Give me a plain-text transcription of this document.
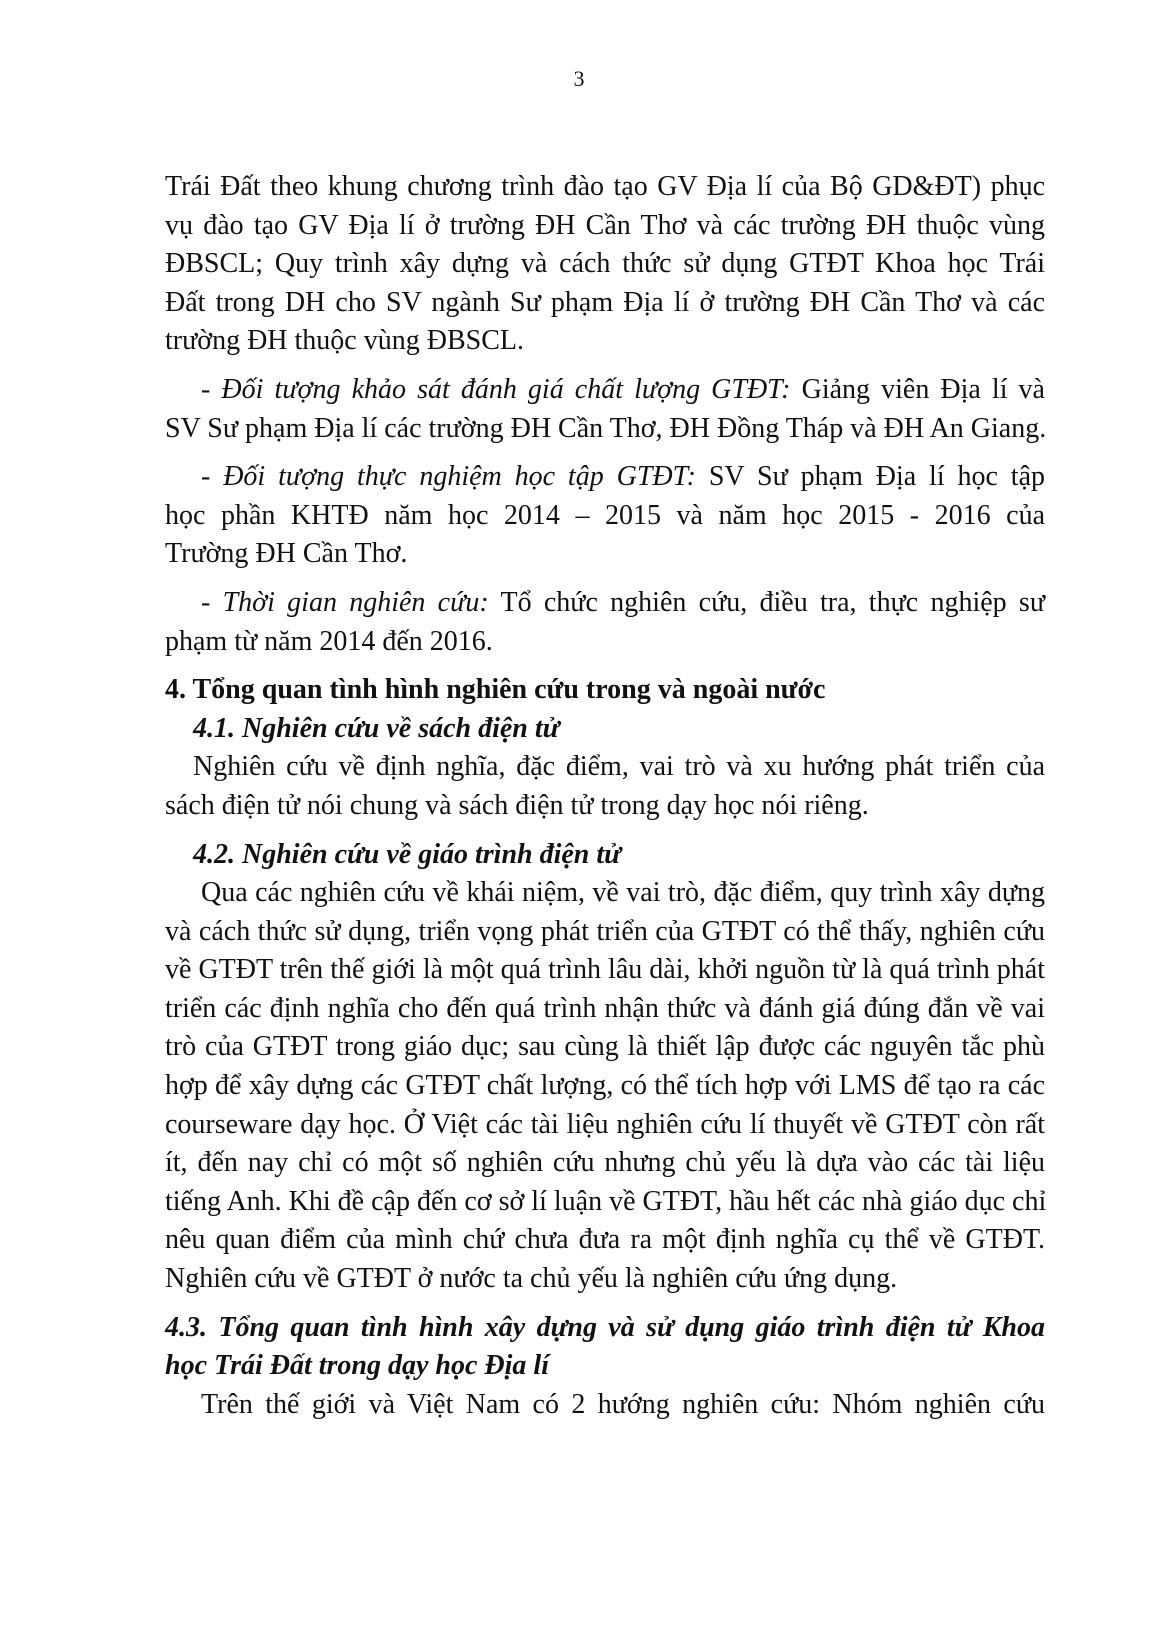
3
Trái Đất theo khung chương trình đào tạo GV Địa lí của Bộ GD&ĐT) phục
vụ đào tạo GV Địa lí ở trường ĐH Cần Thơ và các trường ĐH thuộc vùng
ĐBSCL; Quy trình xây dựng và cách thức sử dụng GTĐT Khoa học Trái
Đất trong DH cho SV ngành Sư phạm Địa lí ở trường ĐH Cần Thơ và các
trường ĐH thuộc vùng ĐBSCL.
- Đối tượng khảo sát đánh giá chất lượng GTĐT: Giảng viên Địa lí và
SV Sư phạm Địa lí các trường ĐH Cần Thơ, ĐH Đồng Tháp và ĐH An Giang.
- Đối tượng thực nghiệm học tập GTĐT: SV Sư phạm Địa lí học tập
học phần KHTĐ năm học 2014 – 2015 và năm học 2015 - 2016 của
Trường ĐH Cần Thơ.
- Thời gian nghiên cứu: Tổ chức nghiên cứu, điều tra, thực nghiệp sư
phạm từ năm 2014 đến 2016.
4. Tổng quan tình hình nghiên cứu trong và ngoài nước
4.1. Nghiên cứu về sách điện tử
Nghiên cứu về định nghĩa, đặc điểm, vai trò và xu hướng phát triển của
sách điện tử nói chung và sách điện tử trong dạy học nói riêng.
4.2. Nghiên cứu về giáo trình điện tử
Qua các nghiên cứu về khái niệm, về vai trò, đặc điểm, quy trình xây dựng
và cách thức sử dụng, triển vọng phát triển của GTĐT có thể thấy, nghiên cứu
về GTĐT trên thế giới là một quá trình lâu dài, khởi nguồn từ là quá trình phát
triển các định nghĩa cho đến quá trình nhận thức và đánh giá đúng đắn về vai
trò của GTĐT trong giáo dục; sau cùng là thiết lập được các nguyên tắc phù
hợp để xây dựng các GTĐT chất lượng, có thể tích hợp với LMS để tạo ra các
courseware dạy học. Ở Việt các tài liệu nghiên cứu lí thuyết về GTĐT còn rất
ít, đến nay chỉ có một số nghiên cứu nhưng chủ yếu là dựa vào các tài liệu
tiếng Anh. Khi đề cập đến cơ sở lí luận về GTĐT, hầu hết các nhà giáo dục chỉ
nêu quan điểm của mình chứ chưa đưa ra một định nghĩa cụ thể về GTĐT.
Nghiên cứu về GTĐT ở nước ta chủ yếu là nghiên cứu ứng dụng.
4.3. Tổng quan tình hình xây dựng và sử dụng giáo trình điện tử Khoa
học Trái Đất trong dạy học Địa lí
Trên thế giới và Việt Nam có 2 hướng nghiên cứu: Nhóm nghiên cứu
